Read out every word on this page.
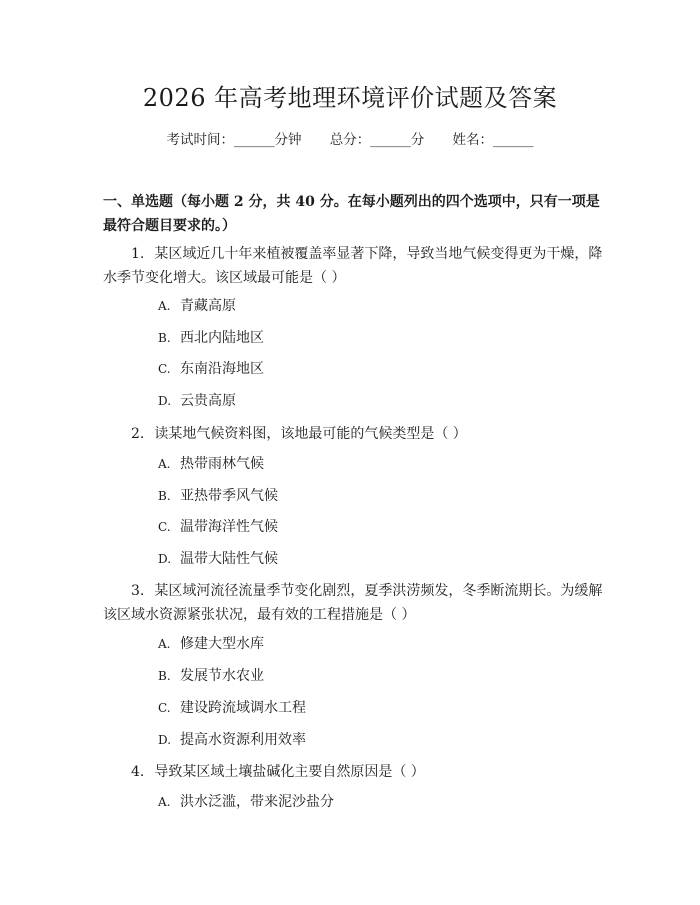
2026 年高考地理环境评价试题及答案
考试时间：______分钟 总分：______分 姓名：______
一、单选题（每小题 2 分，共 40 分。在每小题列出的四个选项中，只有一项是最符合题目要求的。）
1. 某区域近几十年来植被覆盖率显著下降，导致当地气候变得更为干燥，降水季节变化增大。该区域最可能是（ ）
A. 青藏高原
B. 西北内陆地区
C. 东南沿海地区
D. 云贵高原
2. 读某地气候资料图，该地最可能的气候类型是（ ）
A. 热带雨林气候
B. 亚热带季风气候
C. 温带海洋性气候
D. 温带大陆性气候
3. 某区域河流径流量季节变化剧烈，夏季洪涝频发，冬季断流期长。为缓解该区域水资源紧张状况，最有效的工程措施是（ ）
A. 修建大型水库
B. 发展节水农业
C. 建设跨流域调水工程
D. 提高水资源利用效率
4. 导致某区域土壤盐碱化主要自然原因是（ ）
A. 洪水泛滥，带来泥沙盐分
